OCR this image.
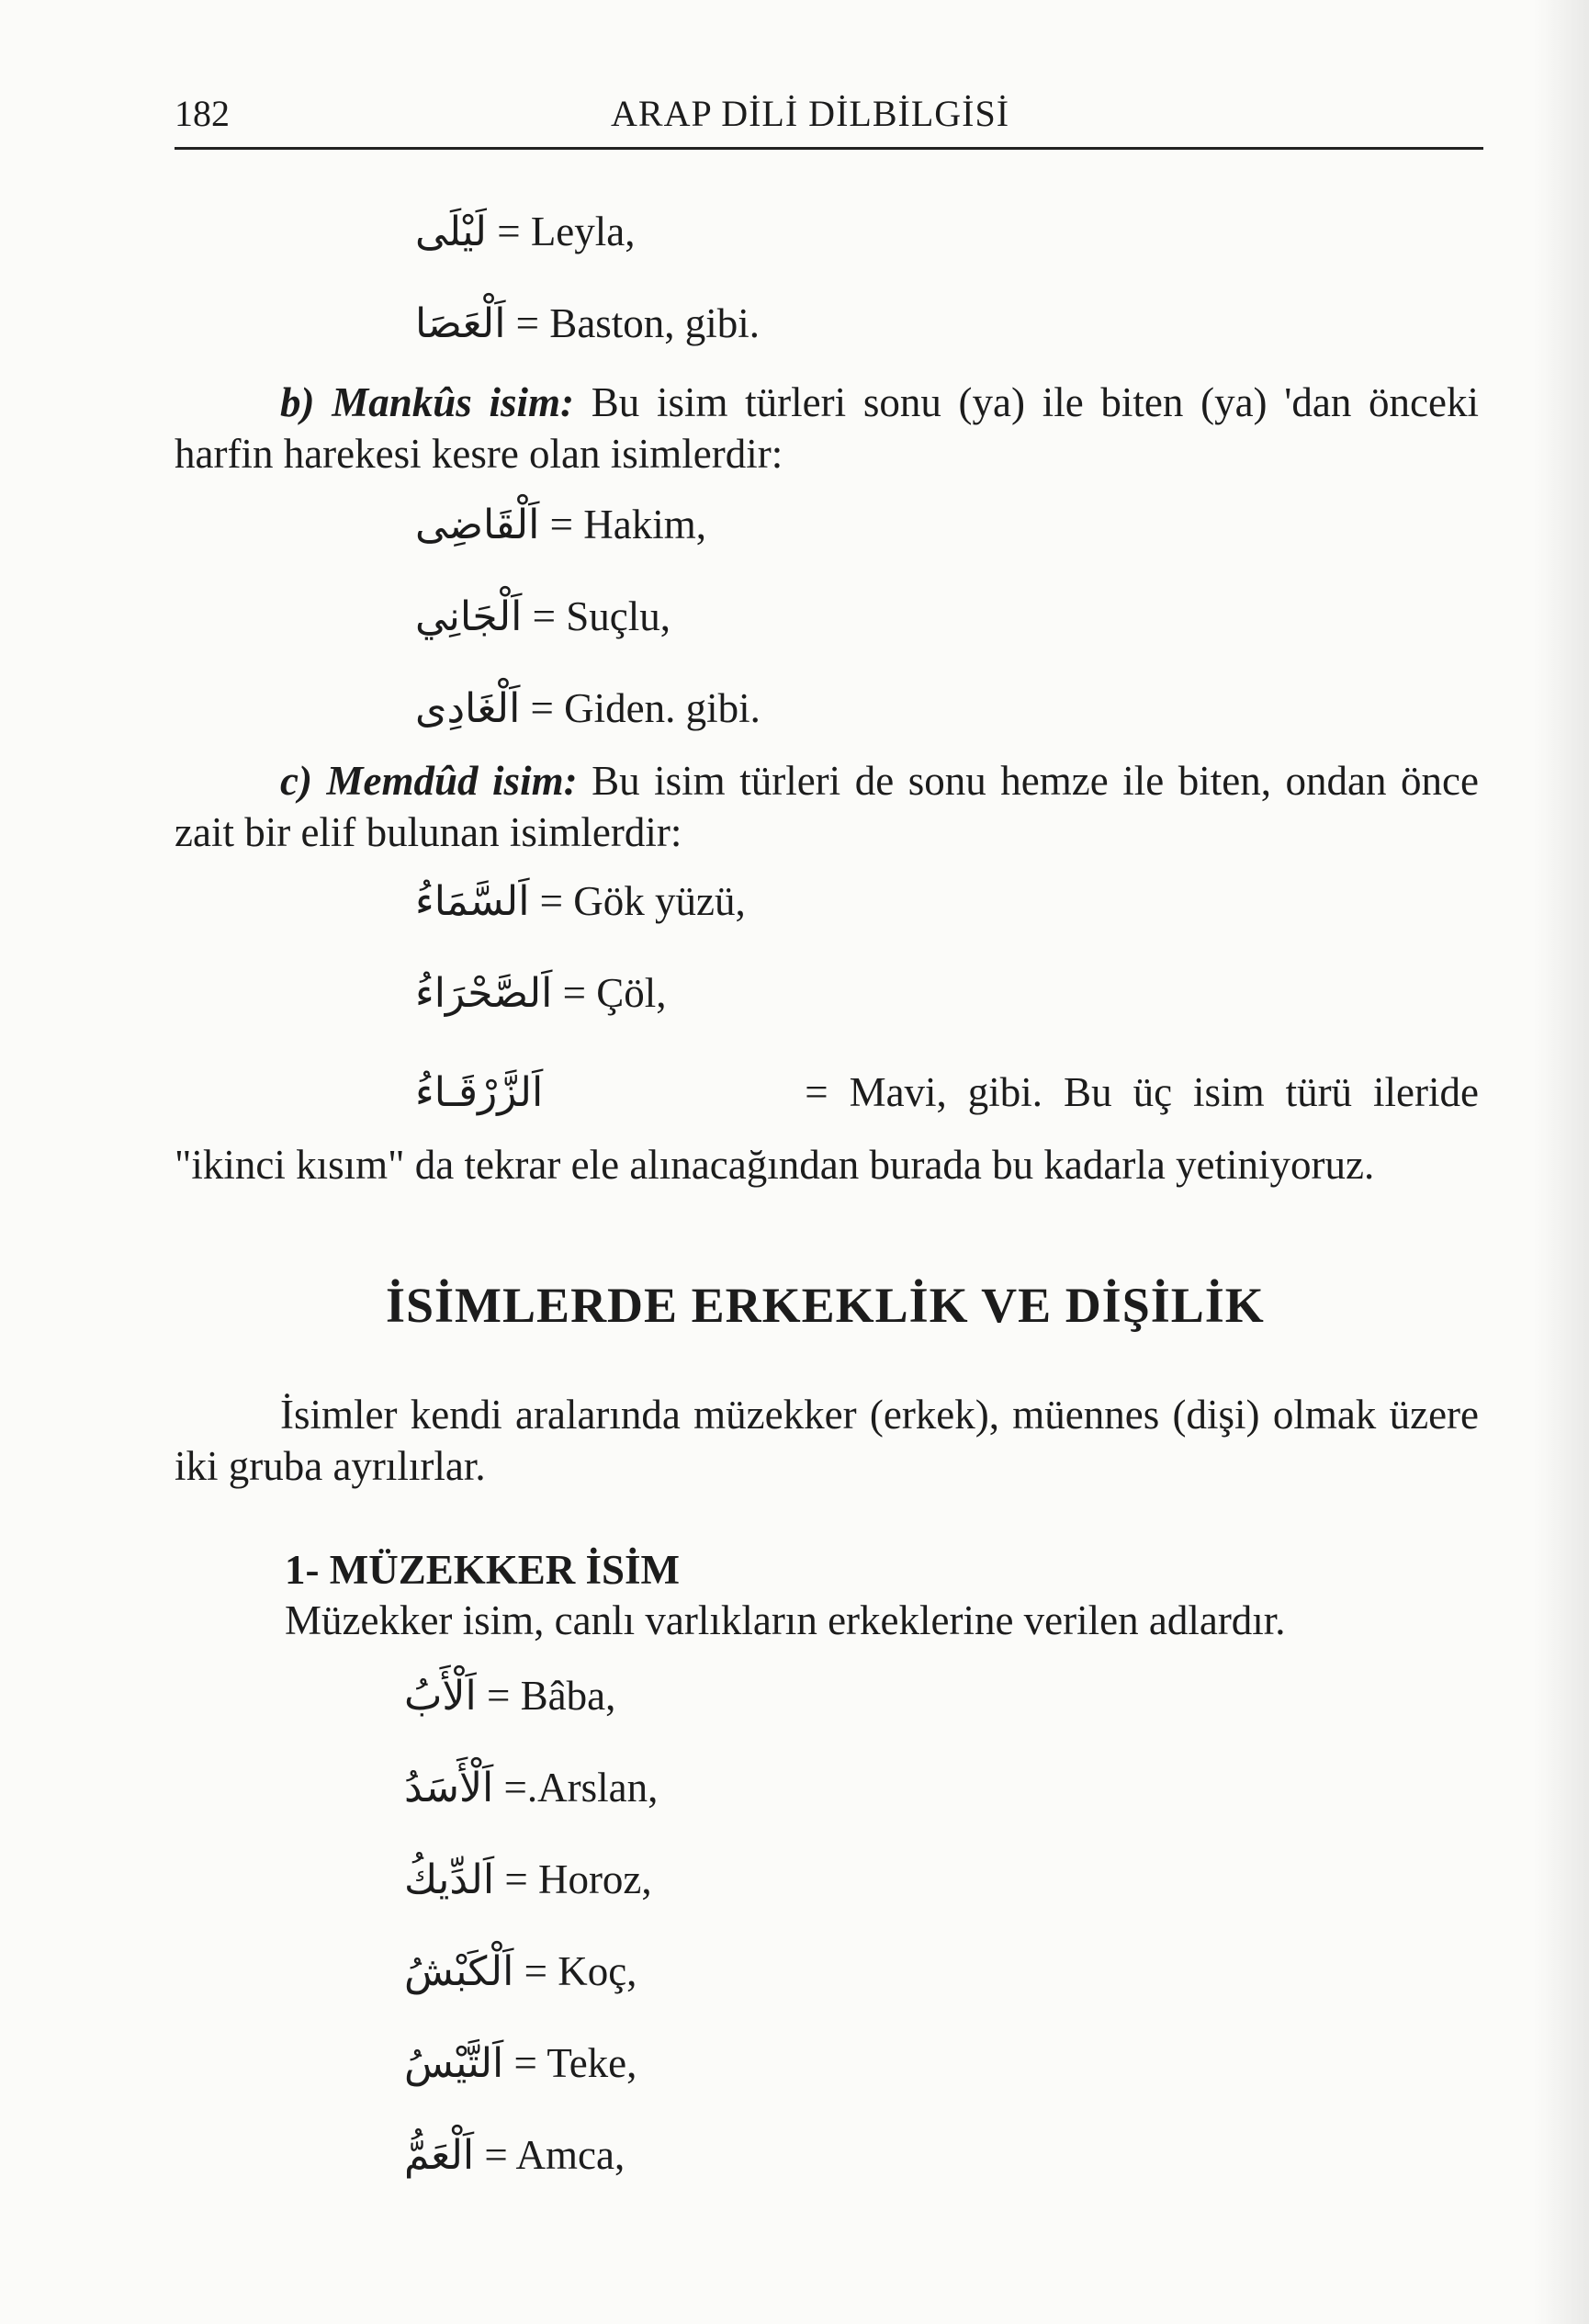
182	ARAP DİLİ DİLBİLGİSİ
لَيْلَى = Leyla,
اَلْعَصَا = Baston, gibi.
b) Mankûs isim: Bu isim türleri sonu (ya) ile biten (ya) 'dan önceki harfin harekesi kesre olan isimlerdir:
اَلْقَاضِى = Hakim,
اَلْجَانِي = Suçlu,
اَلْغَادِى = Giden. gibi.
c) Memdûd isim: Bu isim türleri de sonu hemze ile biten, ondan önce zait bir elif bulunan isimlerdir:
اَلسَّمَاءُ = Gök yüzü,
اَلصَّحْرَاءُ = Çöl,
اَلزَّرْقَـاءُ	= Mavi, gibi. Bu üç isim türü ileride "ikinci kısım" da tekrar ele alınacağından burada bu kadarla yetiniyoruz.
İSİMLERDE ERKEKLİK VE DİŞİLİK
İsimler kendi aralarında müzekker (erkek), müennes (dişi) olmak üzere iki gruba ayrılırlar.
1- MÜZEKKER İSİM
Müzekker isim, canlı varlıkların erkeklerine verilen adlardır.
اَلْأَبُ = Bâba,
اَلْأَسَدُ =.Arslan,
اَلدِّيكُ = Horoz,
اَلْكَبْشُ = Koç,
اَلتَّيْسُ = Teke,
اَلْعَمُّ = Amca,
